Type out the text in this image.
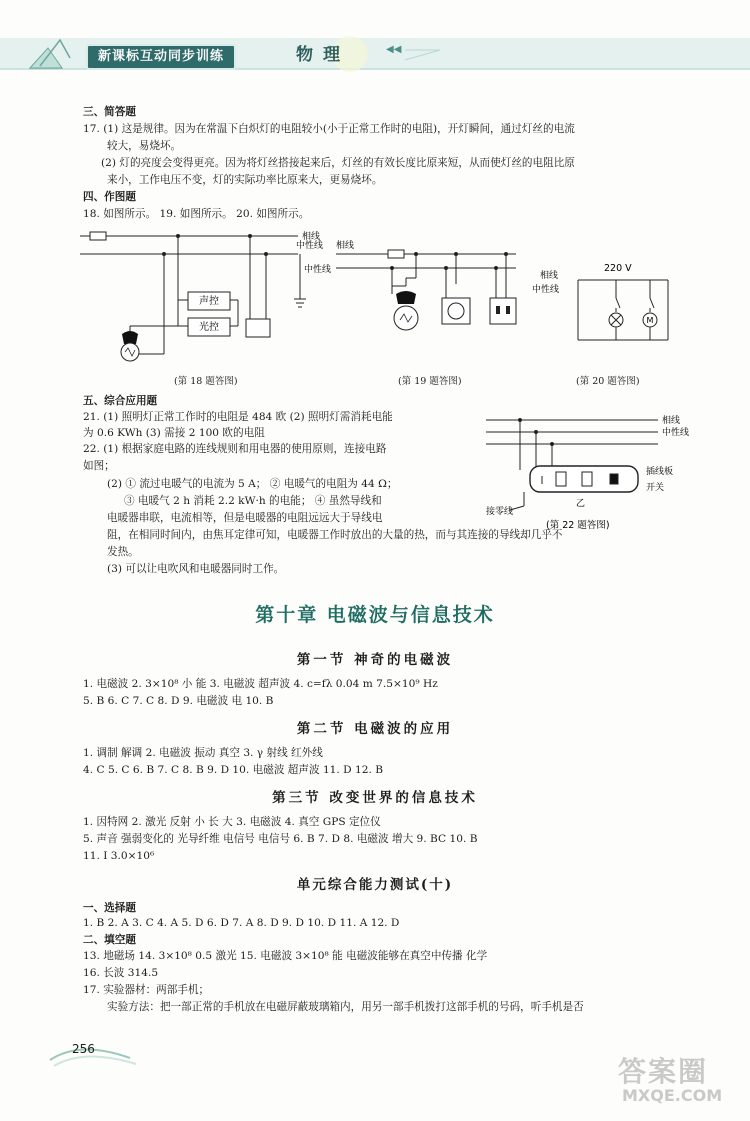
新课标互动同步训练	物理	◀◀
三、简答题
17. (1) 这是规律。因为在常温下白炽灯的电阻较小(小于正常工作时的电阻)，开灯瞬间，通过灯丝的电流
较大，易烧坏。
(2) 灯的亮度会变得更亮。因为将灯丝搭接起来后，灯丝的有效长度比原来短，从而使灯丝的电阻比原
来小，工作电压不变，灯的实际功率比原来大，更易烧坏。
四、作图题
18. 如图所示。 19. 如图所示。 20. 如图所示。
声控
光控
相线
(第 18 题答图)
相线
中性线
中性线
(第 19 题答图)
M
220 V
相线
中性线
(第 20 题答图)
五、综合应用题
21. (1) 照明灯正常工作时的电阻是 484 欧 (2) 照明灯需消耗电能
为 0.6 KWh (3) 需接 2 100 欧的电阻
22. (1) 根据家庭电路的连线规则和用电器的使用原则，连接电路
如图；
(2) ① 流过电暖气的电流为 5 A； ② 电暖气的电阻为 44 Ω；
③ 电暖气 2 h 消耗 2.2 kW·h 的电能； ④ 虽然导线和
电暖器串联，电流相等，但是电暖器的电阻远远大于导线电
阻，在相同时间内，由焦耳定律可知，电暖器工作时放出的大量的热，而与其连接的导线却几乎不
发热。
(3) 可以让电吹风和电暖器同时工作。
相线
中性线
插线板
开关
接零线
乙
(第 22 题答图)
第十章 电磁波与信息技术
第一节 神奇的电磁波
1. 电磁波 2. 3×10⁸ 小 能 3. 电磁波 超声波 4. c=fλ 0.04 m 7.5×10⁹ Hz
5. B 6. C 7. C 8. D 9. 电磁波 电 10. B
第二节 电磁波的应用
1. 调制 解调 2. 电磁波 振动 真空 3. γ 射线 红外线
4. C 5. C 6. B 7. C 8. B 9. D 10. 电磁波 超声波 11. D 12. B
第三节 改变世界的信息技术
1. 因特网 2. 激光 反射 小 长 大 3. 电磁波 4. 真空 GPS 定位仪
5. 声音 强弱变化的 光导纤维 电信号 电信号 6. B 7. D 8. 电磁波 增大 9. BC 10. B
11. I 3.0×10⁶
单元综合能力测试(十)
一、选择题
1. B 2. A 3. C 4. A 5. D 6. D 7. A 8. D 9. D 10. D 11. A 12. D
二、填空题
13. 地磁场 14. 3×10⁸ 0.5 激光 15. 电磁波 3×10⁸ 能 电磁波能够在真空中传播 化学
16. 长波 314.5
17. 实验器材：两部手机；
实验方法：把一部正常的手机放在电磁屏蔽玻璃箱内，用另一部手机拨打这部手机的号码，听手机是否
256
答案圈
MXQE.COM
